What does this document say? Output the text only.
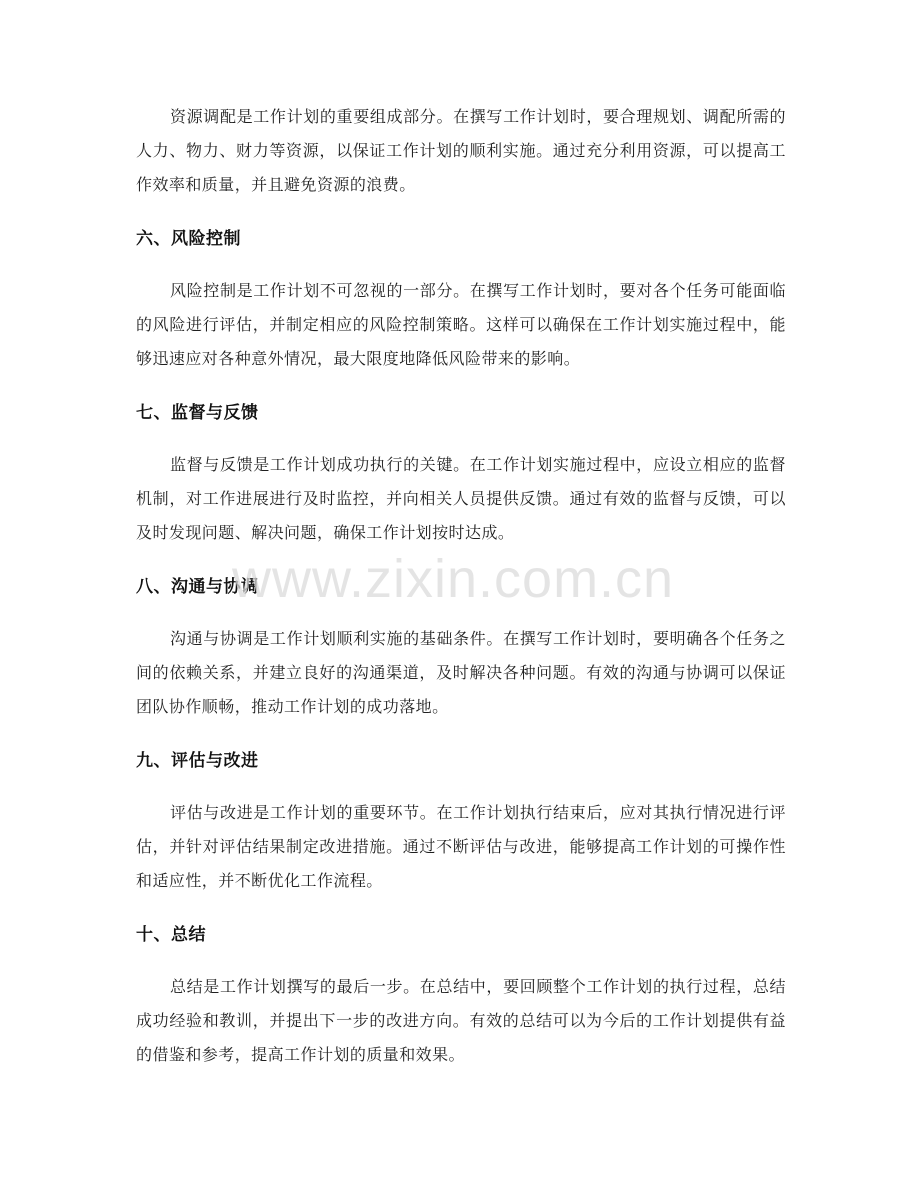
资源调配是工作计划的重要组成部分。在撰写工作计划时，要合理规划、调配所需的人力、物力、财力等资源，以保证工作计划的顺利实施。通过充分利用资源，可以提高工作效率和质量，并且避免资源的浪费。

六、风险控制

风险控制是工作计划不可忽视的一部分。在撰写工作计划时，要对各个任务可能面临的风险进行评估，并制定相应的风险控制策略。这样可以确保在工作计划实施过程中，能够迅速应对各种意外情况，最大限度地降低风险带来的影响。

七、监督与反馈

监督与反馈是工作计划成功执行的关键。在工作计划实施过程中，应设立相应的监督机制，对工作进展进行及时监控，并向相关人员提供反馈。通过有效的监督与反馈，可以及时发现问题、解决问题，确保工作计划按时达成。

八、沟通与协调

沟通与协调是工作计划顺利实施的基础条件。在撰写工作计划时，要明确各个任务之间的依赖关系，并建立良好的沟通渠道，及时解决各种问题。有效的沟通与协调可以保证团队协作顺畅，推动工作计划的成功落地。

九、评估与改进

评估与改进是工作计划的重要环节。在工作计划执行结束后，应对其执行情况进行评估，并针对评估结果制定改进措施。通过不断评估与改进，能够提高工作计划的可操作性和适应性，并不断优化工作流程。

十、总结

总结是工作计划撰写的最后一步。在总结中，要回顾整个工作计划的执行过程，总结成功经验和教训，并提出下一步的改进方向。有效的总结可以为今后的工作计划提供有益的借鉴和参考，提高工作计划的质量和效果。

www.zixin.com.cn
